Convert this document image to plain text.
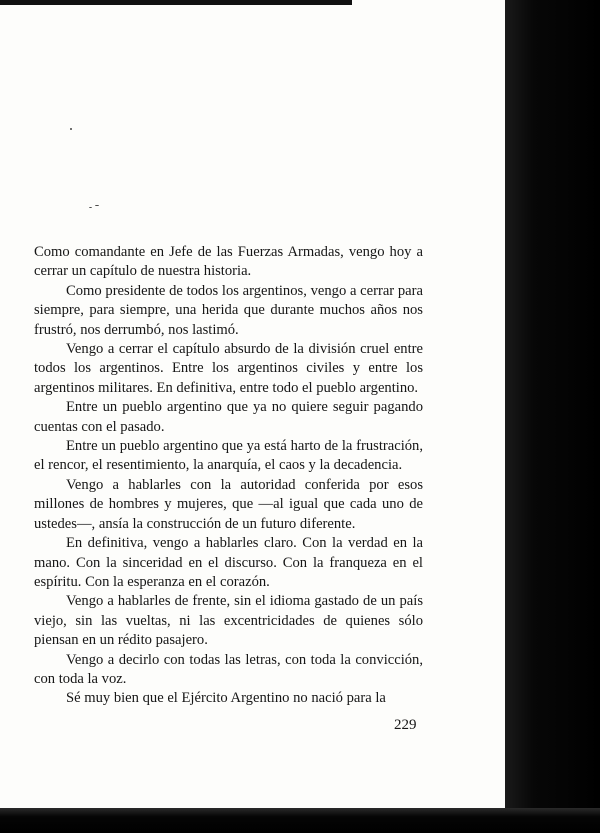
Como comandante en Jefe de las Fuerzas Armadas, vengo hoy a cerrar un capítulo de nuestra historia.

Como presidente de todos los argentinos, vengo a cerrar para siempre, para siempre, una herida que durante muchos años nos frustró, nos derrumbó, nos lastimó.

Vengo a cerrar el capítulo absurdo de la división cruel entre todos los argentinos. Entre los argentinos civiles y entre los argentinos militares. En definitiva, entre todo el pueblo argentino.

Entre un pueblo argentino que ya no quiere seguir pagando cuentas con el pasado.

Entre un pueblo argentino que ya está harto de la frustración, el rencor, el resentimiento, la anarquía, el caos y la decadencia.

Vengo a hablarles con la autoridad conferida por esos millones de hombres y mujeres, que —al igual que cada uno de ustedes—, ansía la construcción de un futuro diferente.

En definitiva, vengo a hablarles claro. Con la verdad en la mano. Con la sinceridad en el discurso. Con la franqueza en el espíritu. Con la esperanza en el corazón.

Vengo a hablarles de frente, sin el idioma gastado de un país viejo, sin las vueltas, ni las excentricidades de quienes sólo piensan en un rédito pasajero.

Vengo a decirlo con todas las letras, con toda la convicción, con toda la voz.

Sé muy bien que el Ejército Argentino no nació para la

229
